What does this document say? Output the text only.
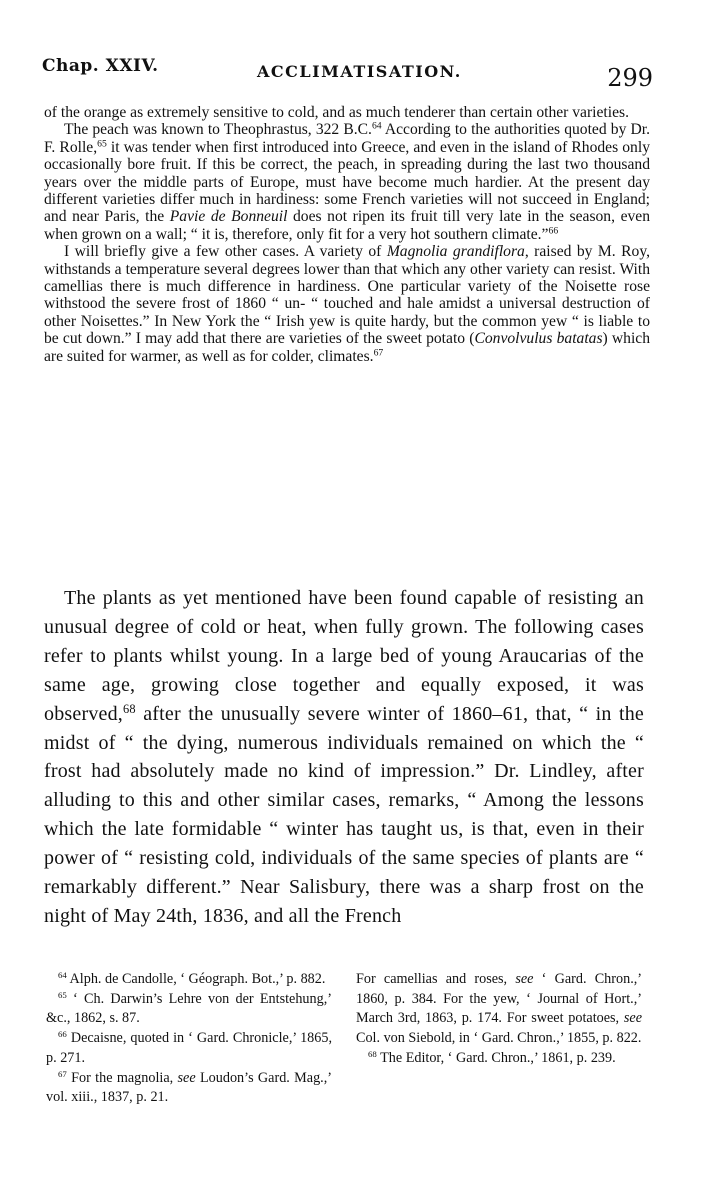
Chap. XXIV.	ACCLIMATISATION.	299

of the orange as extremely sensitive to cold, and as much tenderer than certain other varieties.

The peach was known to Theophrastus, 322 B.C.$^{64}$ According to the authorities quoted by Dr. F. Rolle,$^{65}$ it was tender when first introduced into Greece, and even in the island of Rhodes only occasionally bore fruit. If this be correct, the peach, in spreading during the last two thousand years over the middle parts of Europe, must have become much hardier. At the present day different varieties differ much in hardiness: some French varieties will not succeed in England; and near Paris, the Pavie de Bonneuil does not ripen its fruit till very late in the season, even when grown on a wall; “ it is, therefore, only fit for a very hot southern climate.”$^{66}$

I will briefly give a few other cases. A variety of Magnolia grandiflora, raised by M. Roy, withstands a temperature several degrees lower than that which any other variety can resist. With camellias there is much difference in hardiness. One particular variety of the Noisette rose withstood the severe frost of 1860 “ un- “ touched and hale amidst a universal destruction of other Noisettes.” In New York the “ Irish yew is quite hardy, but the common yew “ is liable to be cut down.” I may add that there are varieties of the sweet potato (Convolvulus batatas) which are suited for warmer, as well as for colder, climates.$^{67}$

The plants as yet mentioned have been found capable of resisting an unusual degree of cold or heat, when fully grown. The following cases refer to plants whilst young. In a large bed of young Araucarias of the same age, growing close together and equally exposed, it was observed,$^{68}$ after the unusually severe winter of 1860–61, that, “ in the midst of “ the dying, numerous individuals remained on which the “ frost had absolutely made no kind of impression.” Dr. Lindley, after alluding to this and other similar cases, remarks, “ Among the lessons which the late formidable “ winter has taught us, is that, even in their power of “ resisting cold, individuals of the same species of plants are “ remarkably different.” Near Salisbury, there was a sharp frost on the night of May 24th, 1836, and all the French

$^{64}$ Alph. de Candolle, ‘ Géograph. Bot.,’ p. 882.

$^{65}$ ‘ Ch. Darwin’s Lehre von der Entstehung,’ &c., 1862, s. 87.

$^{66}$ Decaisne, quoted in ‘ Gard. Chronicle,’ 1865, p. 271.

$^{67}$ For the magnolia, see Loudon’s Gard. Mag.,’ vol. xiii., 1837, p. 21.

For camellias and roses, see ‘ Gard. Chron.,’ 1860, p. 384. For the yew, ‘ Journal of Hort.,’ March 3rd, 1863, p. 174. For sweet potatoes, see Col. von Siebold, in ‘ Gard. Chron.,’ 1855, p. 822.

$^{68}$ The Editor, ‘ Gard. Chron.,’ 1861, p. 239.
